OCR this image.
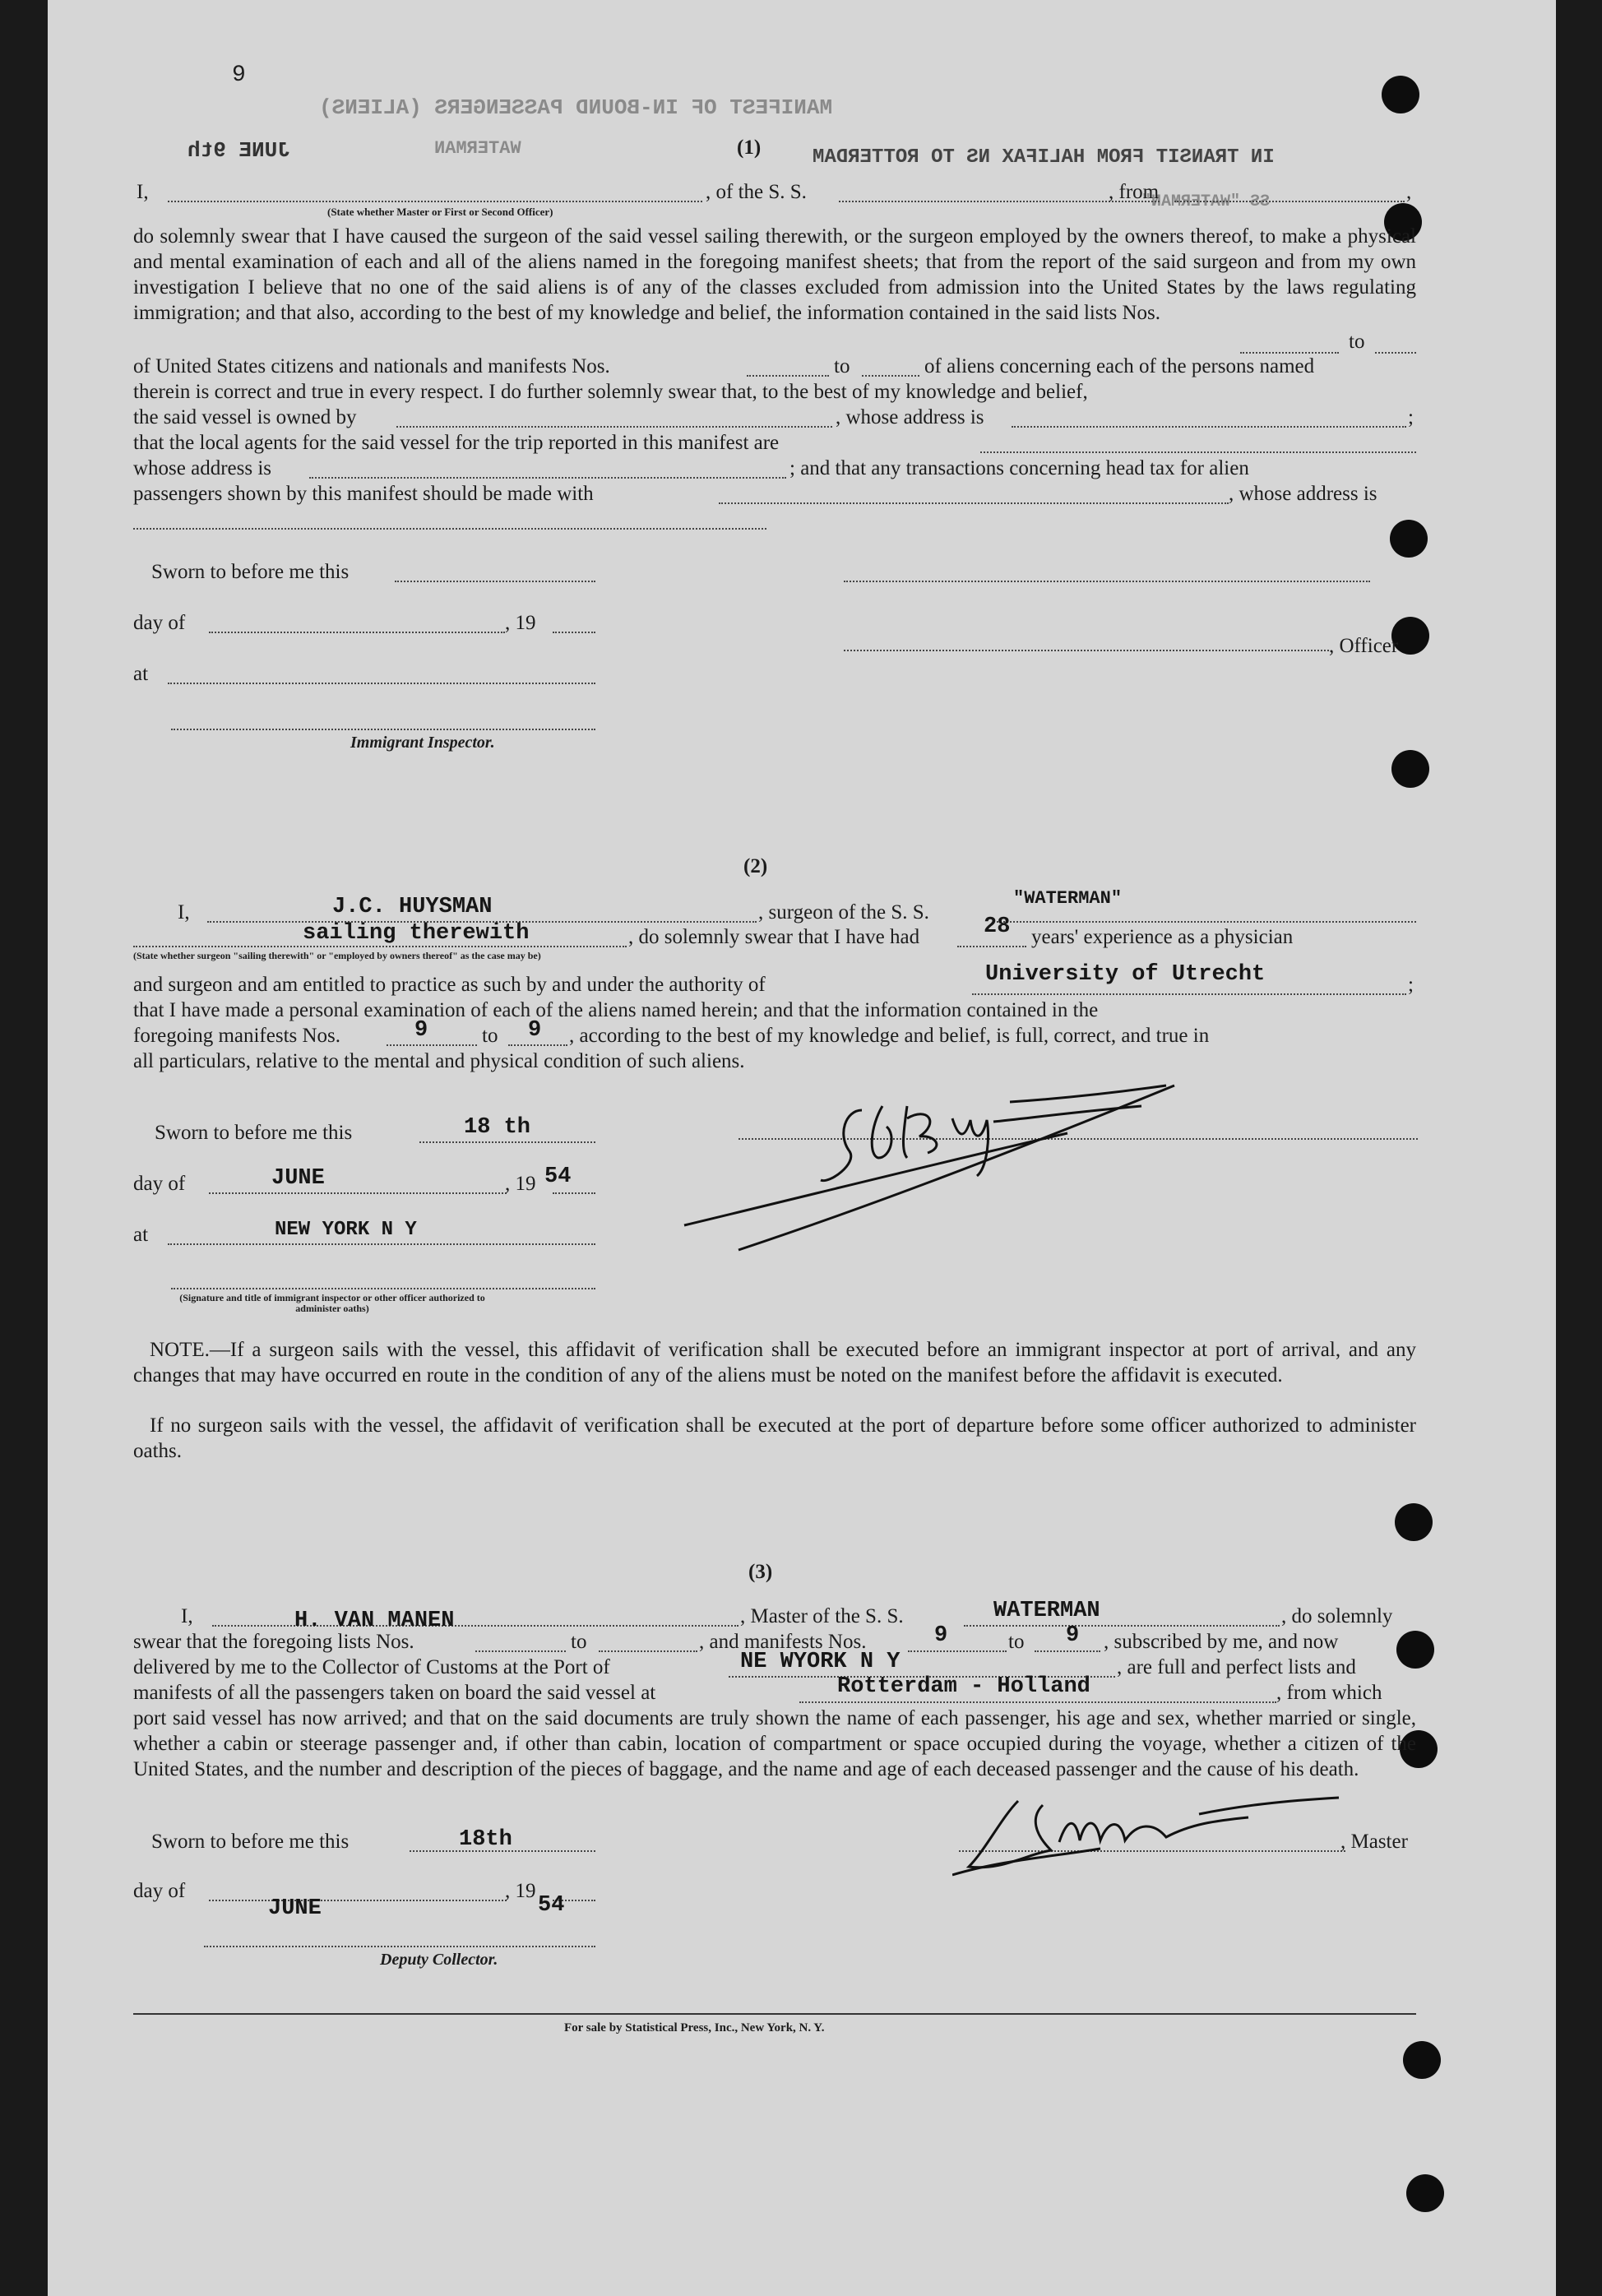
9
MANIFEST OF IN-BOUND PASSENGERS (ALIENS)
JUNE 9th	WATERMAN	IN TRANSIT FROM HALIFAX NS TO ROTTERDAM
SS "WATERMAN"
(1)
I,
(State whether Master or First or Second Officer)
, of the S. S.	, from	,
do solemnly swear that I have caused the surgeon of the said vessel sailing therewith, or the surgeon employed by the owners thereof, to make a physical and mental examination of each and all of the aliens named in the foregoing manifest sheets; that from the report of the said surgeon and from my own investigation I believe that no one of the said aliens is of any of the classes excluded from admission into the United States by the laws regulating immigration; and that also, according to the best of my knowledge and belief, the information contained in the said lists Nos.
to
of United States citizens and nationals and manifests Nos.	to	of aliens concerning each of the persons named
therein is correct and true in every respect. I do further solemnly swear that, to the best of my knowledge and belief,
the said vessel is owned by	, whose address is	;
that the local agents for the said vessel for the trip reported in this manifest are
whose address is	; and that any transactions concerning head tax for alien
passengers shown by this manifest should be made with	, whose address is
Sworn to before me this
day of	, 19
, Officer
at
Immigrant Inspector.
(2)
I,	J.C. HUYSMAN	, surgeon of the S. S.
"WATERMAN"
sailing therewith	, do solemnly swear that I have had	28 years' experience as a physician
(State whether surgeon "sailing therewith" or "employed by owners thereof" as the case may be)
and surgeon and am entitled to practice as such by and under the authority of	University of Utrecht	;
that I have made a personal examination of each of the aliens named herein; and that the information contained in the
foregoing manifests Nos.	9	to 9 , according to the best of my knowledge and belief, is full, correct, and true in
all particulars, relative to the mental and physical condition of such aliens.
Sworn to before me this	18 th
day of	JUNE	, 19 54
at	NEW YORK N Y
(Signature and title of immigrant inspector or other officer authorized to administer oaths)
NOTE.—If a surgeon sails with the vessel, this affidavit of verification shall be executed before an immigrant inspector at port of arrival, and any changes that may have occurred en route in the condition of any of the aliens must be noted on the manifest before the affidavit is executed.
If no surgeon sails with the vessel, the affidavit of verification shall be executed at the port of departure before some officer authorized to administer oaths.
(3)
I,	H. VAN MANEN	, Master of the S. S.	WATERMAN	, do solemnly
swear that the foregoing lists Nos.	to	, and manifests Nos.	9	to 9 , subscribed by me, and now
delivered by me to the Collector of Customs at the Port of	NE WYORK N Y	, are full and perfect lists and
manifests of all the passengers taken on board the said vessel at	Rotterdam - Holland	, from which
port said vessel has now arrived; and that on the said documents are truly shown the name of each passenger, his age and sex, whether married or single, whether a cabin or steerage passenger and, if other than cabin, location of compartment or space occupied during the voyage, whether a citizen of the United States, and the number and description of the pieces of baggage, and the name and age of each deceased passenger and the cause of his death.
Sworn to before me this	18th	, Master
day of
JUNE
, 19
54
Deputy Collector.
For sale by Statistical Press, Inc., New York, N. Y.
